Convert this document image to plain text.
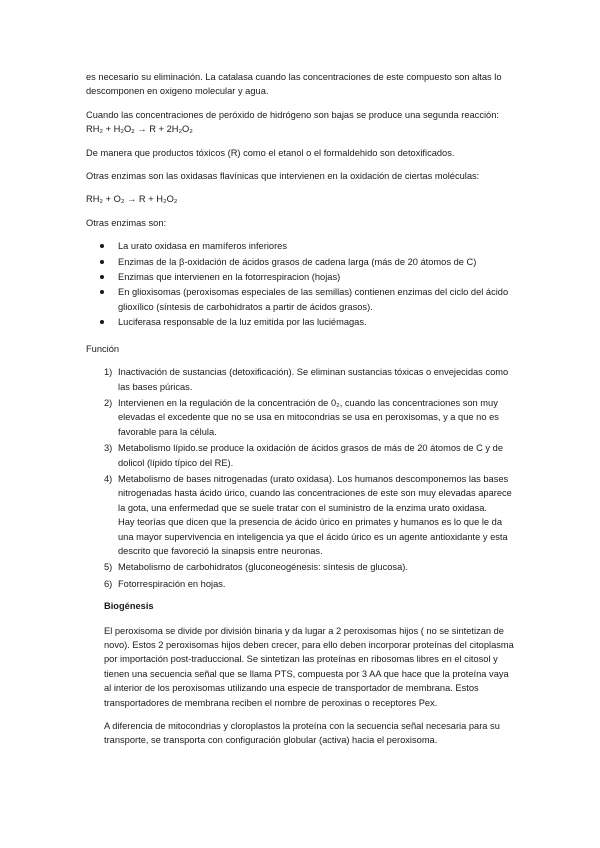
es necesario su eliminación. La catalasa cuando las concentraciones de este compuesto son altas lo descomponen en oxigeno molecular y agua.

Cuando las concentraciones de peróxido de hidrógeno son bajas se produce una segunda reacción: RH₂ + H₂O₂ → R + 2H₂O₂

De manera que productos tóxicos (R) como el etanol o el formaldehido son detoxificados.

Otras enzimas son las oxidasas flavínicas que intervienen en la oxidación de ciertas moléculas:

RH₂ + O₂ → R + H₂O₂

Otras enzimas son:

La urato oxidasa en mamíferos inferiores
Enzimas de la β-oxidación de ácidos grasos de cadena larga (más de 20 átomos de C)
Enzimas que intervienen en la fotorrespiracion (hojas)
En glioxisomas (peroxisomas especiales de las semillas) contienen enzimas del ciclo del ácido glioxílico (síntesis de carbohidratos a partir de ácidos grasos).
Luciferasa responsable de la luz emitida por las luciémagas.

Función

1) Inactivación de sustancias (detoxificación). Se eliminan sustancias tóxicas o envejecidas como las bases púricas.
2) Intervienen en la regulación de la concentración de 0₂, cuando las concentraciones son muy elevadas el excedente que no se usa en mitocondrias se usa en peroxisomas, y a que no es favorable para la célula.
3) Metabolismo lípido.se produce la oxidación de ácidos grasos de más de 20 átomos de C y de dolicol (lípido típico del RE).
4) Metabolismo de bases nitrogenadas (urato oxidasa). Los humanos descomponemos las bases nitrogenadas hasta ácido úrico, cuando las concentraciones de este son muy elevadas aparece la gota, una enfermedad que se suele tratar con el suministro de la enzima urato oxidasa.
Hay teorías que dicen que la presencia de ácido úrico en primates y humanos es lo que le da una mayor supervivencia en inteligencia ya que el ácido úrico es un agente antioxidante y esta descrito que favoreció la sinapsis entre neuronas.
5) Metabolismo de carbohidratos (gluconeogénesis: síntesis de glucosa).
6) Fotorrespiración en hojas.
Biogénesis

El peroxisoma se divide por división binaria y da lugar a 2 peroxisomas hijos ( no se sintetizan de novo). Estos 2 peroxisomas hijos deben crecer, para ello deben incorporar proteínas del citoplasma por importación post-traduccional. Se sintetizan las proteínas en ribosomas libres en el citosol y tienen una secuencia señal que se llama PTS, compuesta por 3 AA que hace que la proteína vaya al interior de los peroxisomas utilizando una especie de transportador de membrana. Estos transportadores de membrana reciben el nombre de peroxinas o receptores Pex.

A diferencia de mitocondrias y cloroplastos la proteína con la secuencia señal necesaria para su transporte, se transporta con configuración globular (activa) hacia el peroxisoma.
